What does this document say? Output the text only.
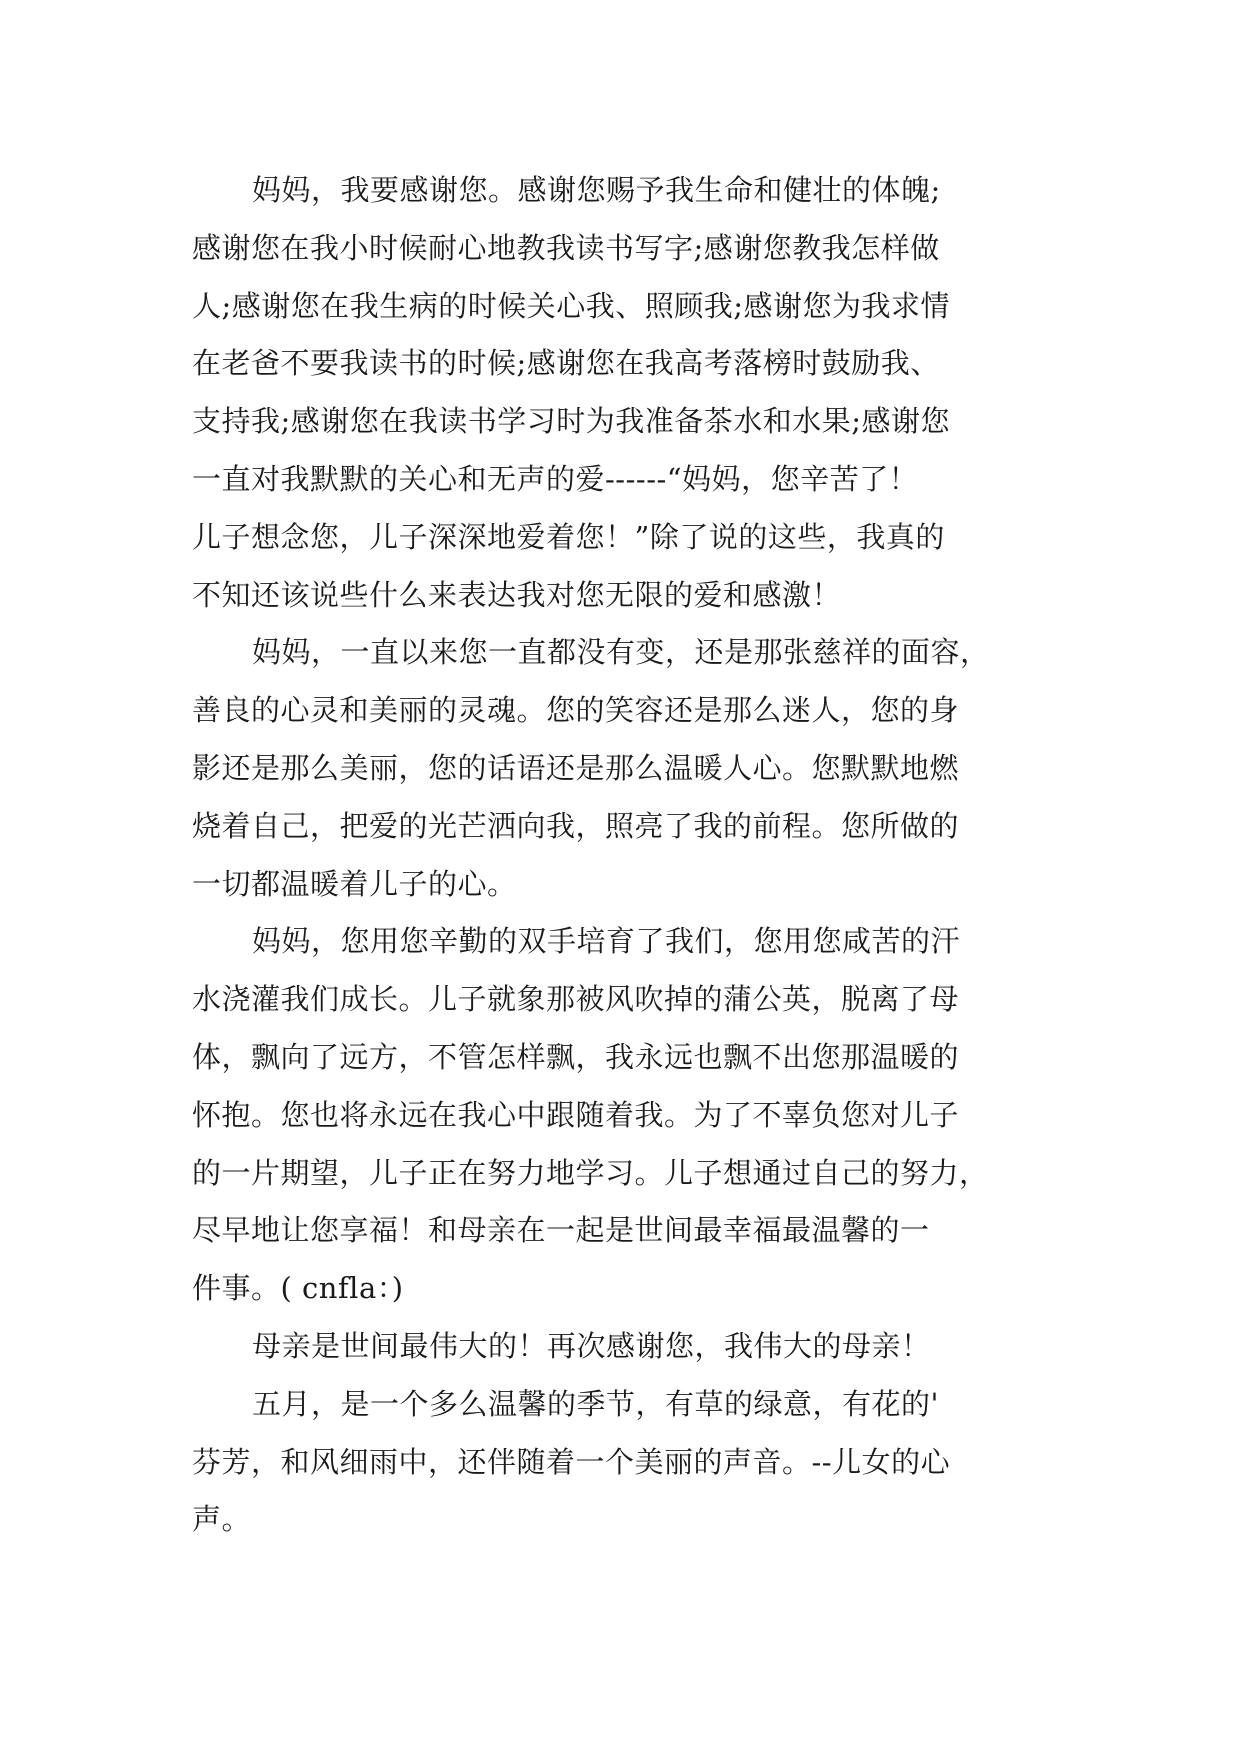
妈妈，我要感谢您。感谢您赐予我生命和健壮的体魄;
感谢您在我小时候耐心地教我读书写字;感谢您教我怎样做
人;感谢您在我生病的时候关心我、照顾我;感谢您为我求情
在老爸不要我读书的时候;感谢您在我高考落榜时鼓励我、
支持我;感谢您在我读书学习时为我准备茶水和水果;感谢您
一直对我默默的关心和无声的爱------“妈妈，您辛苦了！
儿子想念您，儿子深深地爱着您！”除了说的这些，我真的
不知还该说些什么来表达我对您无限的爱和感激！
妈妈，一直以来您一直都没有变，还是那张慈祥的面容，
善良的心灵和美丽的灵魂。您的笑容还是那么迷人，您的身
影还是那么美丽，您的话语还是那么温暖人心。您默默地燃
烧着自己，把爱的光芒洒向我，照亮了我的前程。您所做的
一切都温暖着儿子的心。
妈妈，您用您辛勤的双手培育了我们，您用您咸苦的汗
水浇灌我们成长。儿子就象那被风吹掉的蒲公英，脱离了母
体，飘向了远方，不管怎样飘，我永远也飘不出您那温暖的
怀抱。您也将永远在我心中跟随着我。为了不辜负您对儿子
的一片期望，儿子正在努力地学习。儿子想通过自己的努力，
尽早地让您享福！和母亲在一起是世间最幸福最温馨的一
件事。( cnfla：)
母亲是世间最伟大的！再次感谢您，我伟大的母亲！
五月，是一个多么温馨的季节，有草的绿意，有花的'
芬芳，和风细雨中，还伴随着一个美丽的声音。--儿女的心
声。
